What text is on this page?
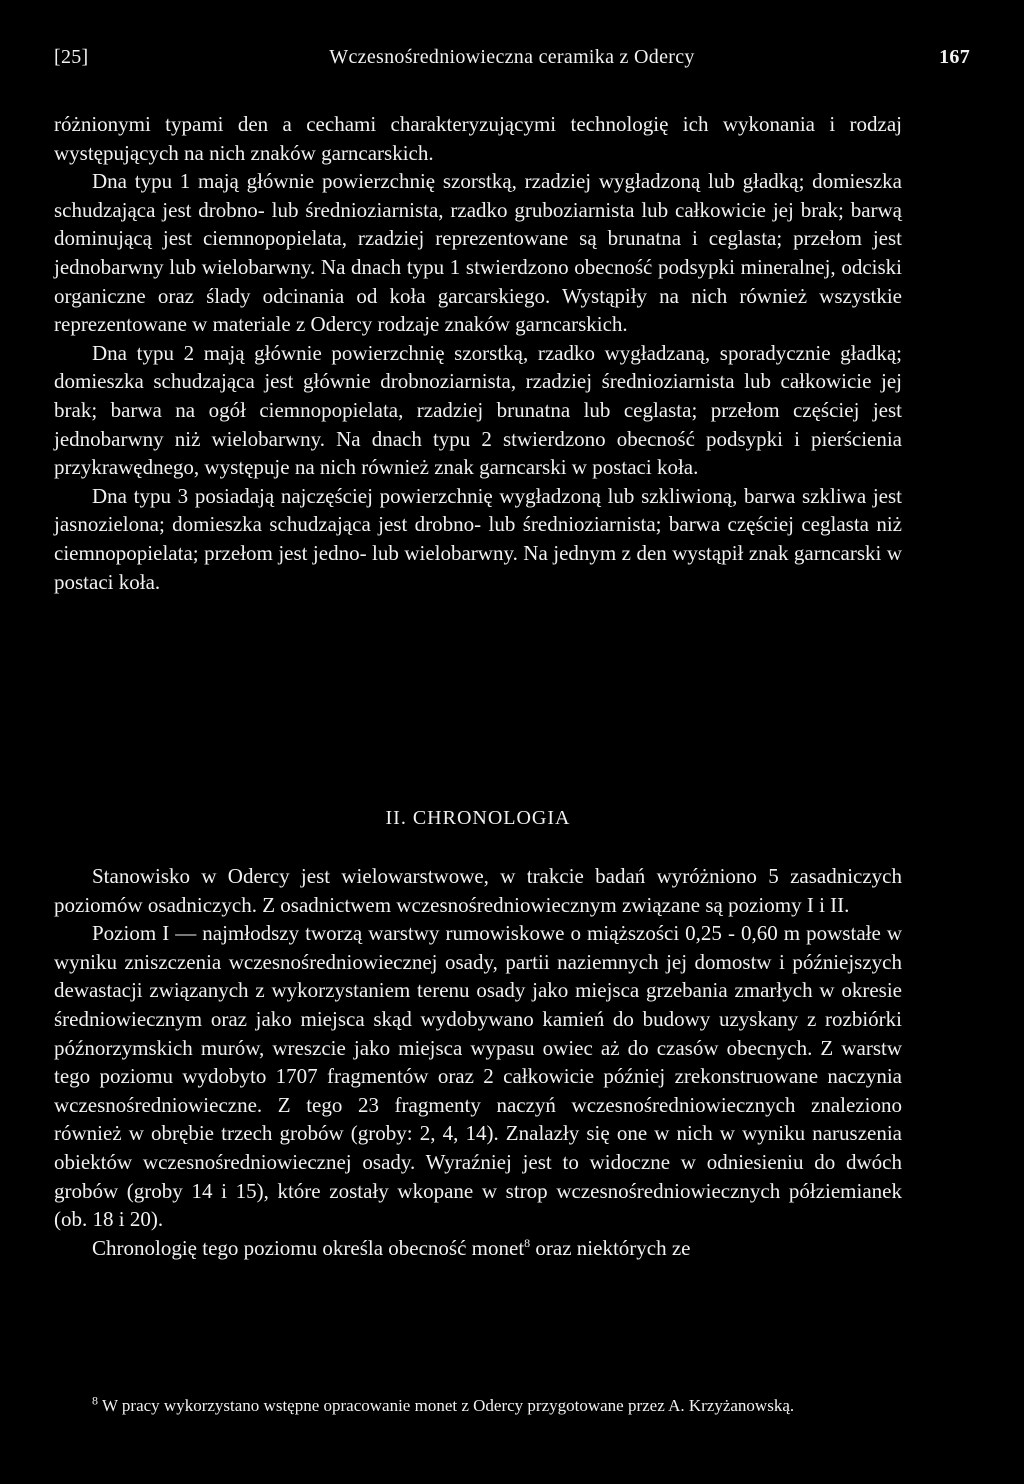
[25]	Wczesnośredniowieczna ceramika z Odercy	167

różnionymi typami den a cechami charakteryzującymi technologię ich wykonania i rodzaj występujących na nich znaków garncarskich.

Dna typu 1 mają głównie powierzchnię szorstką, rzadziej wygładzoną lub gładką; domieszka schudzająca jest drobno- lub średnioziarnista, rzadko gruboziarnista lub całkowicie jej brak; barwą dominującą jest ciemnopopielata, rzadziej reprezentowane są brunatna i ceglasta; przełom jest jednobarwny lub wielobarwny. Na dnach typu 1 stwierdzono obecność podsypki mineralnej, odciski organiczne oraz ślady odcinania od koła garcarskiego. Wystąpiły na nich również wszystkie reprezentowane w materiale z Odercy rodzaje znaków garncarskich.

Dna typu 2 mają głównie powierzchnię szorstką, rzadko wygładzaną, sporadycznie gładką; domieszka schudzająca jest głównie drobnoziarnista, rzadziej średnioziarnista lub całkowicie jej brak; barwa na ogół ciemnopopielata, rzadziej brunatna lub ceglasta; przełom częściej jest jednobarwny niż wielobarwny. Na dnach typu 2 stwierdzono obecność podsypki i pierścienia przykrawędnego, występuje na nich również znak garncarski w postaci koła.

Dna typu 3 posiadają najczęściej powierzchnię wygładzoną lub szkliwioną, barwa szkliwa jest jasnozielona; domieszka schudzająca jest drobno- lub średnioziarnista; barwa częściej ceglasta niż ciemnopopielata; przełom jest jedno- lub wielobarwny. Na jednym z den wystąpił znak garncarski w postaci koła.

II. CHRONOLOGIA

Stanowisko w Odercy jest wielowarstwowe, w trakcie badań wyróżniono 5 zasadniczych poziomów osadniczych. Z osadnictwem wczesnośredniowiecznym związane są poziomy I i II.

Poziom I — najmłodszy tworzą warstwy rumowiskowe o miąższości 0,25 - 0,60 m powstałe w wyniku zniszczenia wczesnośredniowiecznej osady, partii naziemnych jej domostw i późniejszych dewastacji związanych z wykorzystaniem terenu osady jako miejsca grzebania zmarłych w okresie średniowiecznym oraz jako miejsca skąd wydobywano kamień do budowy uzyskany z rozbiórki późnorzymskich murów, wreszcie jako miejsca wypasu owiec aż do czasów obecnych. Z warstw tego poziomu wydobyto 1707 fragmentów oraz 2 całkowicie później zrekonstruowane naczynia wczesnośredniowieczne. Z tego 23 fragmenty naczyń wczesnośredniowiecznych znaleziono również w obrębie trzech grobów (groby: 2, 4, 14). Znalazły się one w nich w wyniku naruszenia obiektów wczesnośredniowiecznej osady. Wyraźniej jest to widoczne w odniesieniu do dwóch grobów (groby 14 i 15), które zostały wkopane w strop wczesnośredniowiecznych półziemianek (ob. 18 i 20).

Chronologię tego poziomu określa obecność monet$^8$ oraz niektórych ze

$^8$ W pracy wykorzystano wstępne opracowanie monet z Odercy przygotowane przez A. Krzyżanowską.
